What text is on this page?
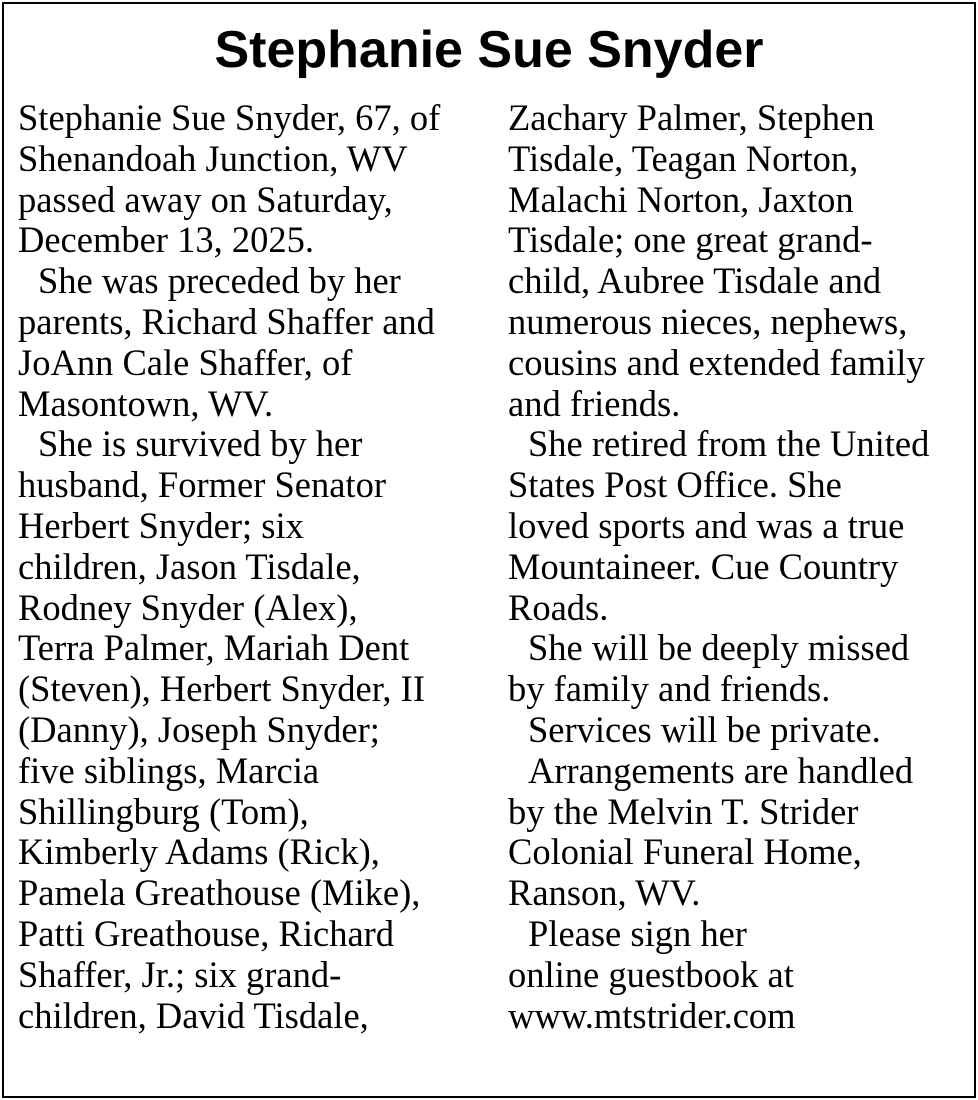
Stephanie Sue Snyder
Stephanie Sue Snyder, 67, of
Shenandoah Junction, WV
passed away on Saturday,
December 13, 2025.
She was preceded by her
parents, Richard Shaffer and
JoAnn Cale Shaffer, of
Masontown, WV.
She is survived by her
husband, Former Senator
Herbert Snyder; six
children, Jason Tisdale,
Rodney Snyder (Alex),
Terra Palmer, Mariah Dent
(Steven), Herbert Snyder, II
(Danny), Joseph Snyder;
five siblings, Marcia
Shillingburg (Tom),
Kimberly Adams (Rick),
Pamela Greathouse (Mike),
Patti Greathouse, Richard
Shaffer, Jr.; six grand-
children, David Tisdale,
Zachary Palmer, Stephen
Tisdale, Teagan Norton,
Malachi Norton, Jaxton
Tisdale; one great grand-
child, Aubree Tisdale and
numerous nieces, nephews,
cousins and extended family
and friends.
She retired from the United
States Post Office. She
loved sports and was a true
Mountaineer. Cue Country
Roads.
She will be deeply missed
by family and friends.
Services will be private.
Arrangements are handled
by the Melvin T. Strider
Colonial Funeral Home,
Ranson, WV.
Please sign her
online guestbook at
www.mtstrider.com
